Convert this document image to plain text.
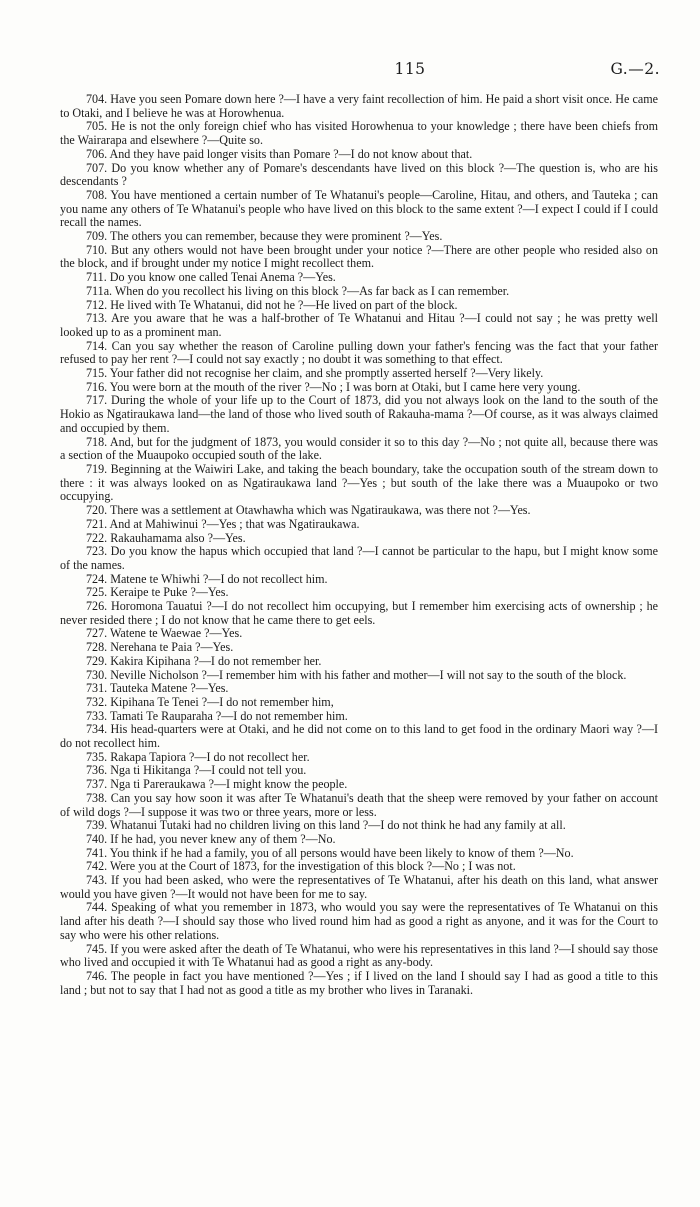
115	G.—2.

704. Have you seen Pomare down here ?—I have a very faint recollection of him. He paid a short visit once. He came to Otaki, and I believe he was at Horowhenua.

705. He is not the only foreign chief who has visited Horowhenua to your knowledge ; there have been chiefs from the Wairarapa and elsewhere ?—Quite so.

706. And they have paid longer visits than Pomare ?—I do not know about that.

707. Do you know whether any of Pomare's descendants have lived on this block ?—The question is, who are his descendants ?

708. You have mentioned a certain number of Te Whatanui's people—Caroline, Hitau, and others, and Tauteka ; can you name any others of Te Whatanui's people who have lived on this block to the same extent ?—I expect I could if I could recall the names.

709. The others you can remember, because they were prominent ?—Yes.

710. But any others would not have been brought under your notice ?—There are other people who resided also on the block, and if brought under my notice I might recollect them.

711. Do you know one called Tenai Anema ?—Yes.

711a. When do you recollect his living on this block ?—As far back as I can remember.

712. He lived with Te Whatanui, did not he ?—He lived on part of the block.

713. Are you aware that he was a half-brother of Te Whatanui and Hitau ?—I could not say ; he was pretty well looked up to as a prominent man.

714. Can you say whether the reason of Caroline pulling down your father's fencing was the fact that your father refused to pay her rent ?—I could not say exactly ; no doubt it was something to that effect.

715. Your father did not recognise her claim, and she promptly asserted herself ?—Very likely.

716. You were born at the mouth of the river ?—No ; I was born at Otaki, but I came here very young.

717. During the whole of your life up to the Court of 1873, did you not always look on the land to the south of the Hokio as Ngatiraukawa land—the land of those who lived south of Rakauha-mama ?—Of course, as it was always claimed and occupied by them.

718. And, but for the judgment of 1873, you would consider it so to this day ?—No ; not quite all, because there was a section of the Muaupoko occupied south of the lake.

719. Beginning at the Waiwiri Lake, and taking the beach boundary, take the occupation south of the stream down to there : it was always looked on as Ngatiraukawa land ?—Yes ; but south of the lake there was a Muaupoko or two occupying.

720. There was a settlement at Otawhawha which was Ngatiraukawa, was there not ?—Yes.

721. And at Mahiwinui ?—Yes ; that was Ngatiraukawa.

722. Rakauhamama also ?—Yes.

723. Do you know the hapus which occupied that land ?—I cannot be particular to the hapu, but I might know some of the names.

724. Matene te Whiwhi ?—I do not recollect him.

725. Keraipe te Puke ?—Yes.

726. Horomona Tauatui ?—I do not recollect him occupying, but I remember him exercising acts of ownership ; he never resided there ; I do not know that he came there to get eels.

727. Watene te Waewae ?—Yes.

728. Nerehana te Paia ?—Yes.

729. Kakira Kipihana ?—I do not remember her.

730. Neville Nicholson ?—I remember him with his father and mother—I will not say to the south of the block.

731. Tauteka Matene ?—Yes.

732. Kipihana Te Tenei ?—I do not remember him,

733. Tamati Te Rauparaha ?—I do not remember him.

734. His head-quarters were at Otaki, and he did not come on to this land to get food in the ordinary Maori way ?—I do not recollect him.

735. Rakapa Tapiora ?—I do not recollect her.

736. Nga ti Hikitanga ?—I could not tell you.

737. Nga ti Pareraukawa ?—I might know the people.

738. Can you say how soon it was after Te Whatanui's death that the sheep were removed by your father on account of wild dogs ?—I suppose it was two or three years, more or less.

739. Whatanui Tutaki had no children living on this land ?—I do not think he had any family at all.

740. If he had, you never knew any of them ?—No.

741. You think if he had a family, you of all persons would have been likely to know of them ?—No.

742. Were you at the Court of 1873, for the investigation of this block ?—No ; I was not.

743. If you had been asked, who were the representatives of Te Whatanui, after his death on this land, what answer would you have given ?—It would not have been for me to say.

744. Speaking of what you remember in 1873, who would you say were the representatives of Te Whatanui on this land after his death ?—I should say those who lived round him had as good a right as anyone, and it was for the Court to say who were his other relations.

745. If you were asked after the death of Te Whatanui, who were his representatives in this land ?—I should say those who lived and occupied it with Te Whatanui had as good a right as any-body.

746. The people in fact you have mentioned ?—Yes ; if I lived on the land I should say I had as good a title to this land ; but not to say that I had not as good a title as my brother who lives in Taranaki.
